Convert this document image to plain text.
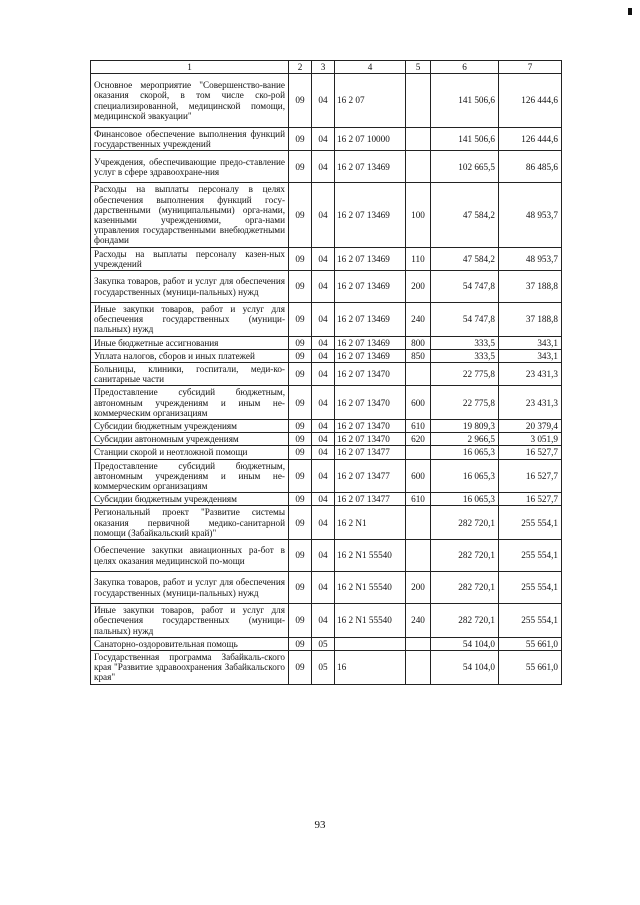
1	2	3	4	5	6	7
Основное мероприятие "Совершенство-вание оказания скорой, в том числе ско-рой специализированной, медицинской помощи, медицинской эвакуации"	09	04	16 2 07		141 506,6	126 444,6
Финансовое обеспечение выполнения функций государственных учреждений	09	04	16 2 07 10000		141 506,6	126 444,6
Учреждения, обеспечивающие предо-ставление услуг в сфере здравоохране-ния	09	04	16 2 07 13469		102 665,5	86 485,6
Расходы на выплаты персоналу в целях обеспечения выполнения функций госу-дарственными (муниципальными) орга-нами, казенными учреждениями, орга-нами управления государственными внебюджетными фондами	09	04	16 2 07 13469	100	47 584,2	48 953,7
Расходы на выплаты персоналу казен-ных учреждений	09	04	16 2 07 13469	110	47 584,2	48 953,7
Закупка товаров, работ и услуг для обеспечения государственных (муници-пальных) нужд	09	04	16 2 07 13469	200	54 747,8	37 188,8
Иные закупки товаров, работ и услуг для обеспечения государственных (муници-пальных) нужд	09	04	16 2 07 13469	240	54 747,8	37 188,8
Иные бюджетные ассигнования	09	04	16 2 07 13469	800	333,5	343,1
Уплата налогов, сборов и иных платежей	09	04	16 2 07 13469	850	333,5	343,1
Больницы, клиники, госпитали, меди-ко-санитарные части	09	04	16 2 07 13470		22 775,8	23 431,3
Предоставление субсидий бюджетным, автономным учреждениям и иным не-коммерческим организациям	09	04	16 2 07 13470	600	22 775,8	23 431,3
Субсидии бюджетным учреждениям	09	04	16 2 07 13470	610	19 809,3	20 379,4
Субсидии автономным учреждениям	09	04	16 2 07 13470	620	2 966,5	3 051,9
Станции скорой и неотложной помощи	09	04	16 2 07 13477		16 065,3	16 527,7
Предоставление субсидий бюджетным, автономным учреждениям и иным не-коммерческим организациям	09	04	16 2 07 13477	600	16 065,3	16 527,7
Субсидии бюджетным учреждениям	09	04	16 2 07 13477	610	16 065,3	16 527,7
Региональный проект "Развитие системы оказания первичной медико-санитарной помощи (Забайкальский край)"	09	04	16 2 N1		282 720,1	255 554,1
Обеспечение закупки авиационных ра-бот в целях оказания медицинской по-мощи	09	04	16 2 N1 55540		282 720,1	255 554,1
Закупка товаров, работ и услуг для обеспечения государственных (муници-пальных) нужд	09	04	16 2 N1 55540	200	282 720,1	255 554,1
Иные закупки товаров, работ и услуг для обеспечения государственных (муници-пальных) нужд	09	04	16 2 N1 55540	240	282 720,1	255 554,1
Санаторно-оздоровительная помощь	09	05			54 104,0	55 661,0
Государственная программа Забайкаль-ского края "Развитие здравоохранения Забайкальского края"	09	05	16		54 104,0	55 661,0
93
